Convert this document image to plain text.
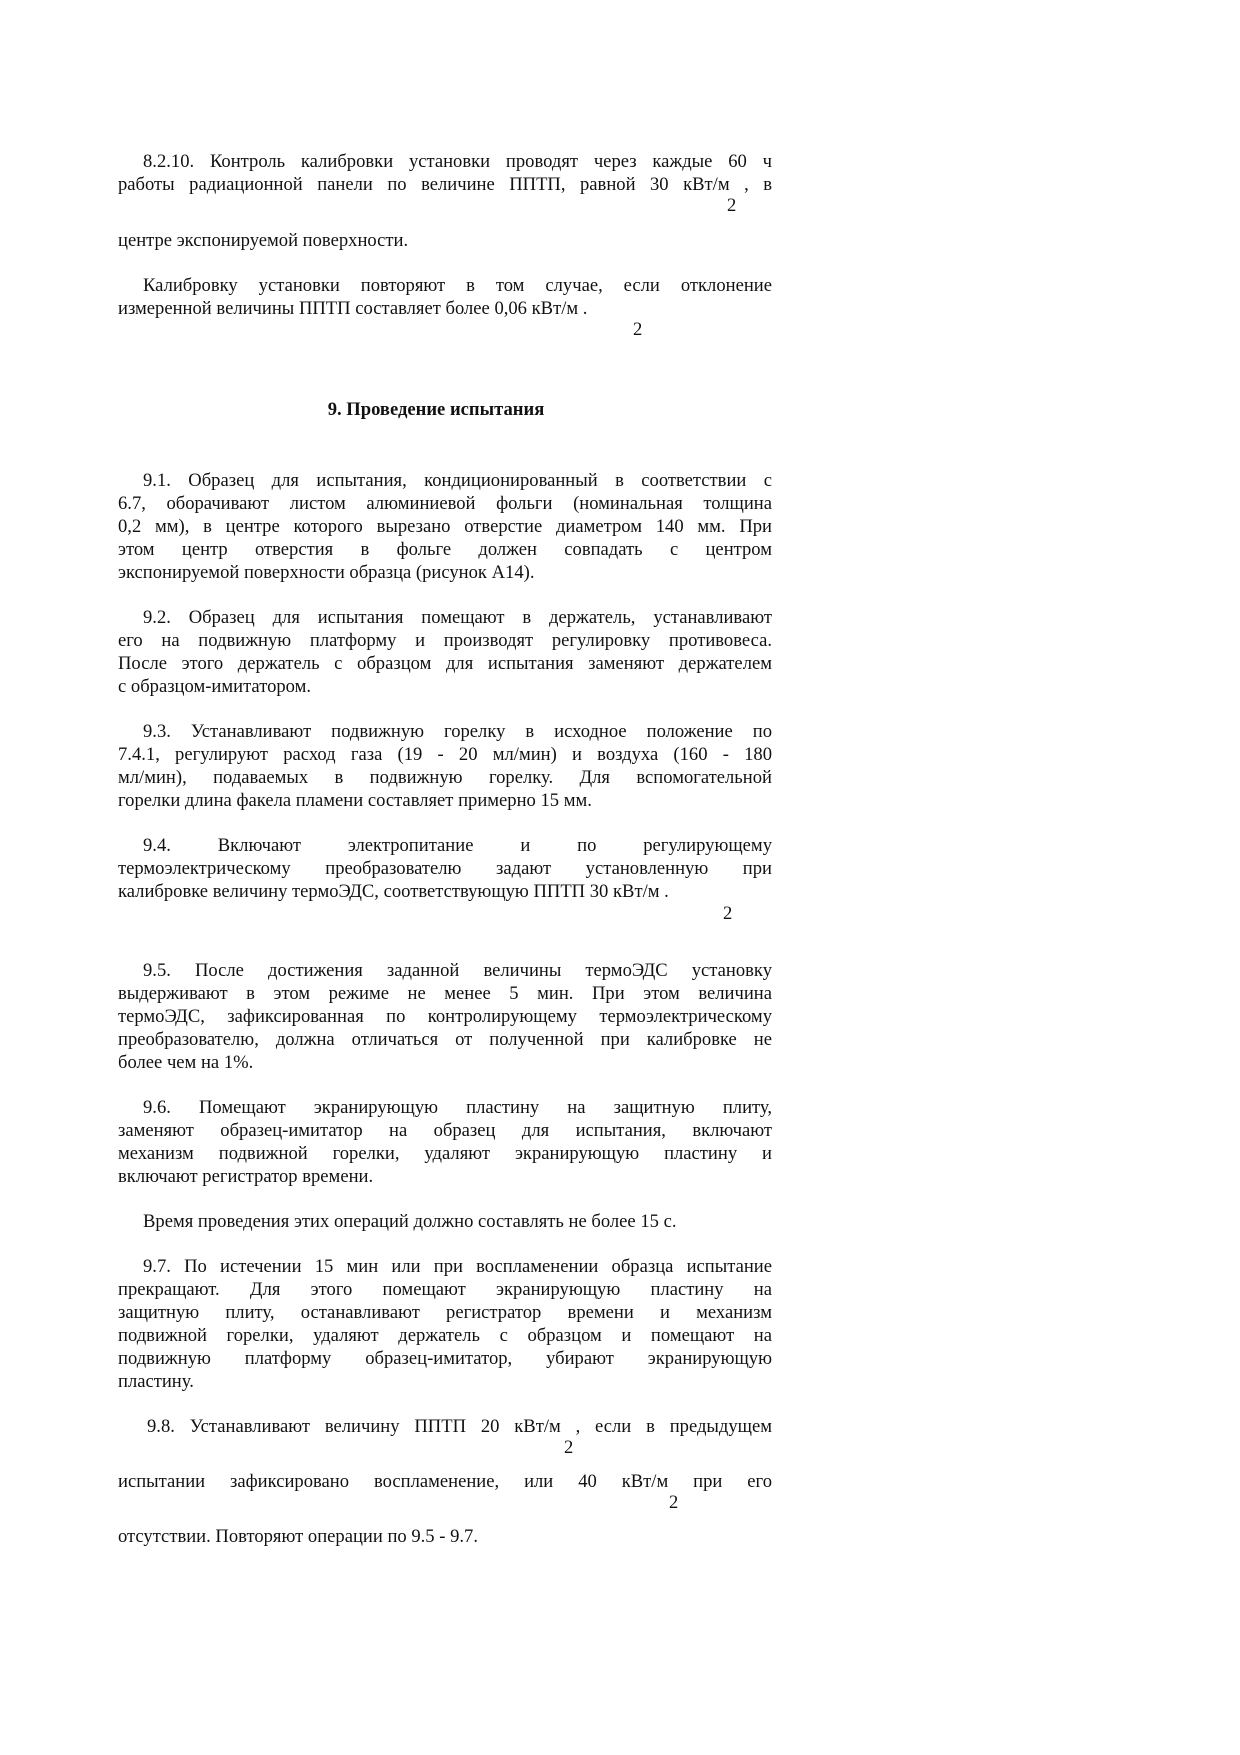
8.2.10. Контроль калибровки установки проводят через каждые 60 ч
работы радиационной панели по величине ППТП, равной 30 кВт/м , в
2
центре экспонируемой поверхности.
Калибровку установки повторяют в том случае, если отклонение
измеренной величины ППТП составляет более 0,06 кВт/м .
2
9. Проведение испытания
9.1. Образец для испытания, кондиционированный в соответствии с
6.7, оборачивают листом алюминиевой фольги (номинальная толщина
0,2 мм), в центре которого вырезано отверстие диаметром 140 мм. При
этом центр отверстия в фольге должен совпадать с центром
экспонируемой поверхности образца (рисунок А14).
9.2. Образец для испытания помещают в держатель, устанавливают
его на подвижную платформу и производят регулировку противовеса.
После этого держатель с образцом для испытания заменяют держателем
с образцом-имитатором.
9.3. Устанавливают подвижную горелку в исходное положение по
7.4.1, регулируют расход газа (19 - 20 мл/мин) и воздуха (160 - 180
мл/мин), подаваемых в подвижную горелку. Для вспомогательной
горелки длина факела пламени составляет примерно 15 мм.
9.4. Включают электропитание и по регулирующему
термоэлектрическому преобразователю задают установленную при
калибровке величину термоЭДС, соответствующую ППТП 30 кВт/м .
2
9.5. После достижения заданной величины термоЭДС установку
выдерживают в этом режиме не менее 5 мин. При этом величина
термоЭДС, зафиксированная по контролирующему термоэлектрическому
преобразователю, должна отличаться от полученной при калибровке не
более чем на 1%.
9.6. Помещают экранирующую пластину на защитную плиту,
заменяют образец-имитатор на образец для испытания, включают
механизм подвижной горелки, удаляют экранирующую пластину и
включают регистратор времени.
Время проведения этих операций должно составлять не более 15 с.
9.7. По истечении 15 мин или при воспламенении образца испытание
прекращают. Для этого помещают экранирующую пластину на
защитную плиту, останавливают регистратор времени и механизм
подвижной горелки, удаляют держатель с образцом и помещают на
подвижную платформу образец-имитатор, убирают экранирующую
пластину.
9.8. Устанавливают величину ППТП 20 кВт/м , если в предыдущем
2
испытании зафиксировано воспламенение, или 40 кВт/м при его
2
отсутствии. Повторяют операции по 9.5 - 9.7.
